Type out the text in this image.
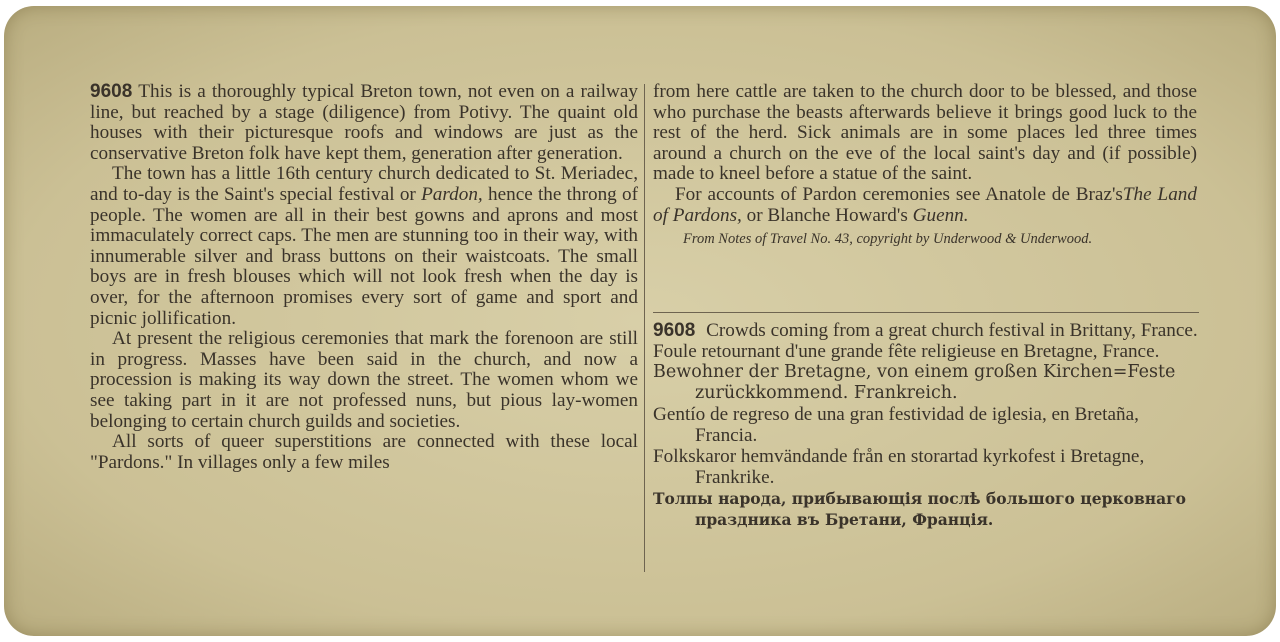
9608 This is a thoroughly typical Breton town, not even on a railway line, but reached by a stage (diligence) from Potivy. The quaint old houses with their picturesque roofs and windows are just as the conservative Breton folk have kept them, generation after generation.

The town has a little 16th century church dedicated to St. Meriadec, and to-day is the Saint's special festival or Pardon, hence the throng of people. The women are all in their best gowns and aprons and most immaculately correct caps. The men are stunning too in their way, with innumerable silver and brass buttons on their waistcoats. The small boys are in fresh blouses which will not look fresh when the day is over, for the afternoon promises every sort of game and sport and picnic jollification.

At present the religious ceremonies that mark the forenoon are still in progress. Masses have been said in the church, and now a procession is making its way down the street. The women whom we see taking part in it are not professed nuns, but pious lay-women belonging to certain church guilds and societies.

All sorts of queer superstitions are connected with these local "Pardons." In villages only a few miles

from here cattle are taken to the church door to be blessed, and those who purchase the beasts afterwards believe it brings good luck to the rest of the herd. Sick animals are in some places led three times around a church on the eve of the local saint's day and (if possible) made to kneel before a statue of the saint.

For accounts of Pardon ceremonies see Anatole de Braz'sThe Land of Pardons, or Blanche Howard's Guenn.

From Notes of Travel No. 43, copyright by Underwood & Underwood.

9608 Crowds coming from a great church festival in Brittany, France.

Foule retournant d'une grande fête religieuse en Bretagne, France.

Bewohner der Bretagne, von einem großen Kirchen=Feste zurückkommend. Frankreich.

Gentío de regreso de una gran festividad de iglesia, en Bretaña, Francia.

Folkskaror hemvändande från en storartad kyrkofest i Bretagne, Frankrike.

Толпы народа, прибывающія послѣ большого церковнаго праздника въ Бретани, Франція.
